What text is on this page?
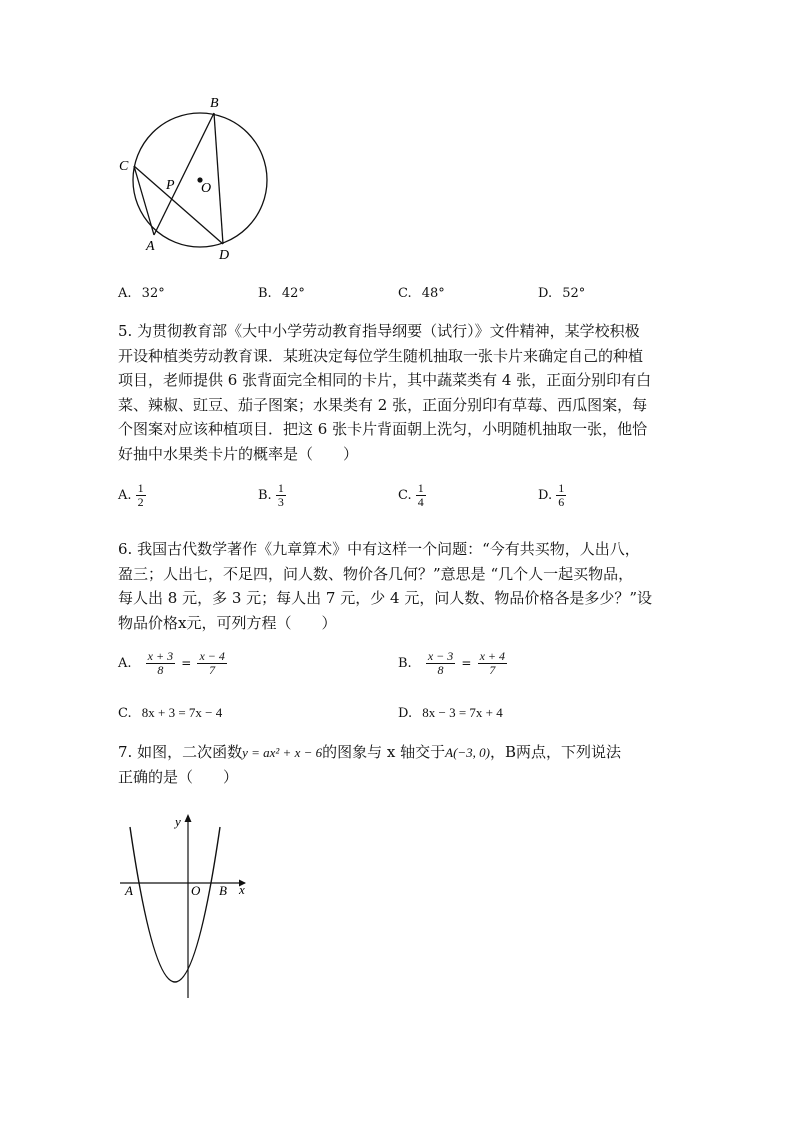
B
C
P O
A
D
A. 32°	B. 42°	C. 48°	D. 52°
5. 为贯彻教育部《大中小学劳动教育指导纲要（试行）》文件精神，某学校积极
开设种植类劳动教育课．某班决定每位学生随机抽取一张卡片来确定自己的种植
项目，老师提供 6 张背面完全相同的卡片，其中蔬菜类有 4 张，正面分别印有白
菜、辣椒、豇豆、茄子图案；水果类有 2 张，正面分别印有草莓、西瓜图案，每
个图案对应该种植项目．把这 6 张卡片背面朝上洗匀，小明随机抽取一张，他恰
好抽中水果类卡片的概率是（　　）
A. $\frac{1}{2}$	B. $\frac{1}{3}$	C. $\frac{1}{4}$	D. $\frac{1}{6}$
6. 我国古代数学著作《九章算术》中有这样一个问题：“今有共买物，人出八，
盈三；人出七，不足四，问人数、物价各几何？”意思是 “几个人一起买物品，
每人出 8 元，多 3 元；每人出 7 元，少 4 元，问人数、物品价格各是多少？”设
物品价格x元，可列方程（　　）
A. $\frac{x + 3}{8} = \frac{x - 4}{7}$	B. $\frac{x - 3}{8} = \frac{x + 4}{7}$
C. 8x + 3 = 7x − 4	D. 8x − 3 = 7x + 4
7. 如图，二次函数y = ax² + x − 6的图象与 x 轴交于A(−3, 0)，B两点，下列说法
正确的是（　　）
y
A	O B x
